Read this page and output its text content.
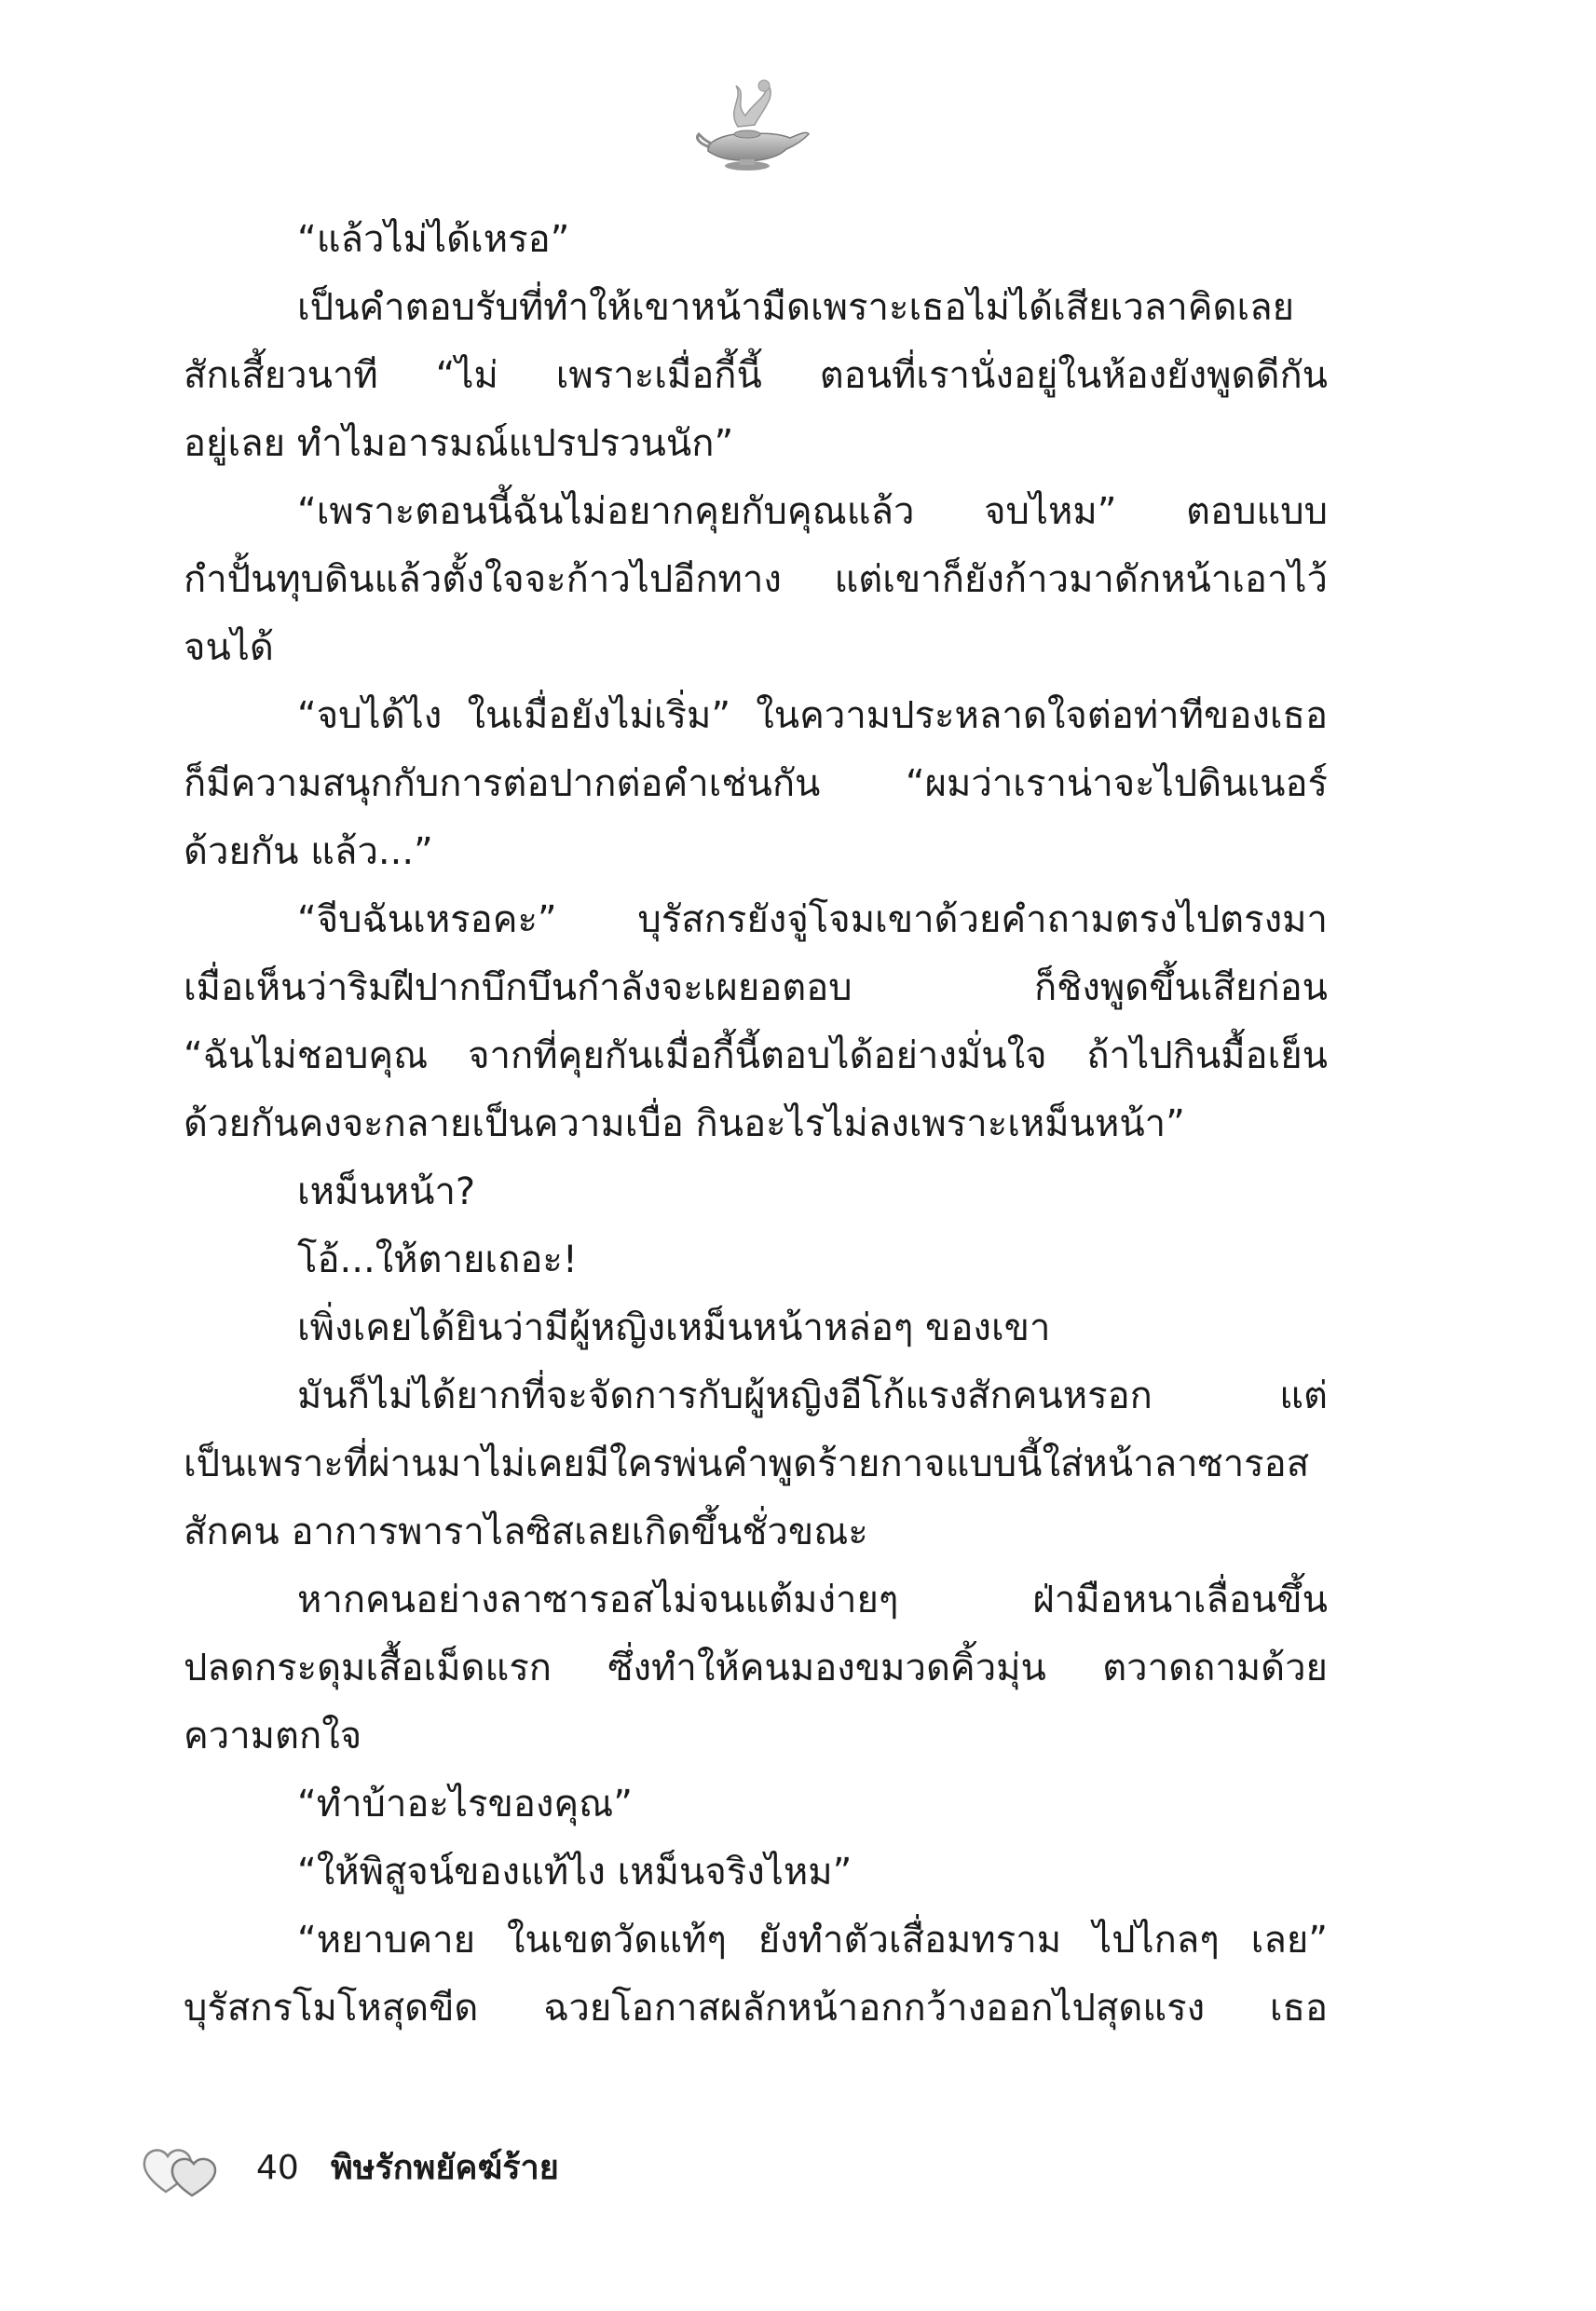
“แล้วไม่ได้เหรอ”
เป็นคำตอบรับที่ทำให้เขาหน้ามืดเพราะเธอไม่ได้เสียเวลาคิดเลย
สักเสี้ยวนาที “ไม่ เพราะเมื่อกี้นี้ ตอนที่เรานั่งอยู่ในห้องยังพูดดีกัน
อยู่เลย ทำไมอารมณ์แปรปรวนนัก”
“เพราะตอนนี้ฉันไม่อยากคุยกับคุณแล้ว จบไหม” ตอบแบบ
กำปั้นทุบดินแล้วตั้งใจจะก้าวไปอีกทาง แต่เขาก็ยังก้าวมาดักหน้าเอาไว้
จนได้
“จบได้ไง ในเมื่อยังไม่เริ่ม” ในความประหลาดใจต่อท่าทีของเธอ
ก็มีความสนุกกับการต่อปากต่อคำเช่นกัน “ผมว่าเราน่าจะไปดินเนอร์
ด้วยกัน แล้ว...”
“จีบฉันเหรอคะ” บุรัสกรยังจู่โจมเขาด้วยคำถามตรงไปตรงมา
เมื่อเห็นว่าริมฝีปากบึกบึนกำลังจะเผยอตอบ ก็ชิงพูดขึ้นเสียก่อน
“ฉันไม่ชอบคุณ จากที่คุยกันเมื่อกี้นี้ตอบได้อย่างมั่นใจ ถ้าไปกินมื้อเย็น
ด้วยกันคงจะกลายเป็นความเบื่อ กินอะไรไม่ลงเพราะเหม็นหน้า”
เหม็นหน้า?
โอ้...ให้ตายเถอะ!
เพิ่งเคยได้ยินว่ามีผู้หญิงเหม็นหน้าหล่อๆ ของเขา
มันก็ไม่ได้ยากที่จะจัดการกับผู้หญิงอีโก้แรงสักคนหรอก แต่
เป็นเพราะที่ผ่านมาไม่เคยมีใครพ่นคำพูดร้ายกาจแบบนี้ใส่หน้าลาซารอส
สักคน อาการพาราไลซิสเลยเกิดขึ้นชั่วขณะ
หากคนอย่างลาซารอสไม่จนแต้มง่ายๆ ฝ่ามือหนาเลื่อนขึ้น
ปลดกระดุมเสื้อเม็ดแรก ซึ่งทำให้คนมองขมวดคิ้วมุ่น ตวาดถามด้วย
ความตกใจ
“ทำบ้าอะไรของคุณ”
“ให้พิสูจน์ของแท้ไง เหม็นจริงไหม”
“หยาบคาย ในเขตวัดแท้ๆ ยังทำตัวเสื่อมทราม ไปไกลๆ เลย”
บุรัสกรโมโหสุดขีด ฉวยโอกาสผลักหน้าอกกว้างออกไปสุดแรง เธอ
40 พิษรักพยัคฆ์ร้าย
